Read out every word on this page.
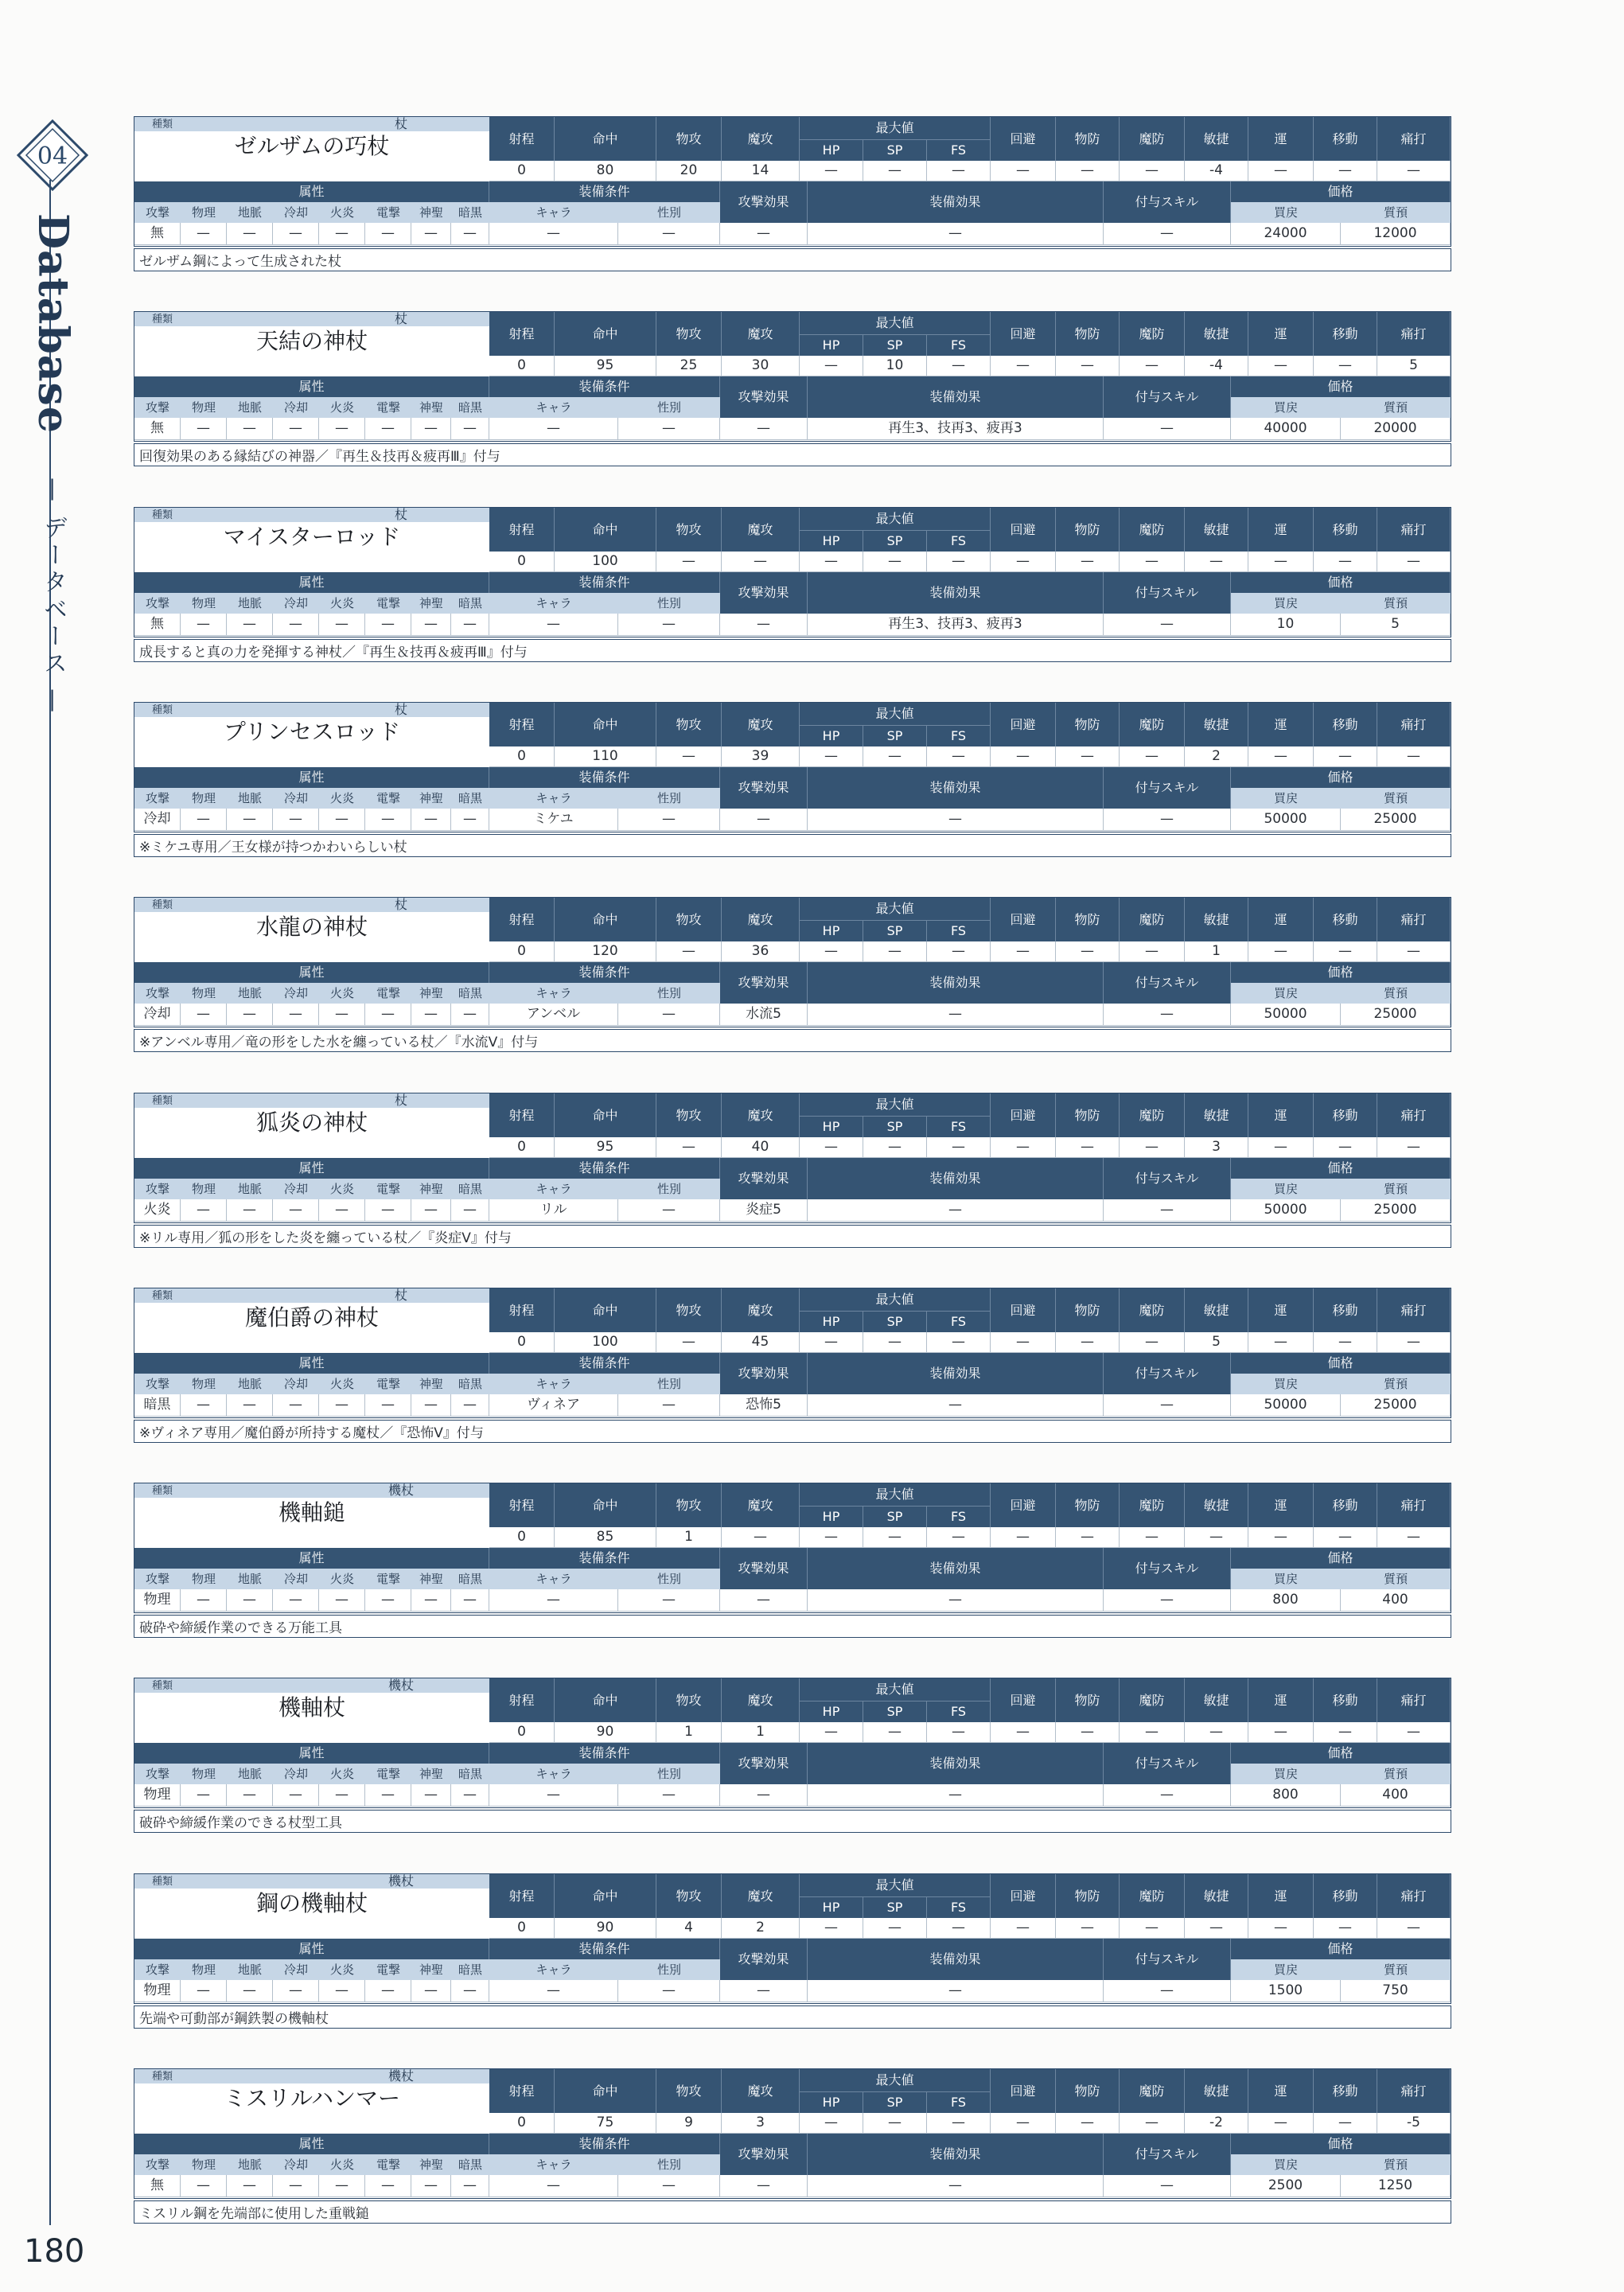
04
Database
— データベース —
種類	杖
ゼルザムの巧杖	射程	命中	物攻	魔攻
最大値
HP	SP	FS
回避	物防	魔防	敏捷	運	移動	痛打
0	80	20	14	—	—	—	—	—	—	-4	—	—	—
属性	装備条件
攻撃効果	装備効果	付与スキル
価格
攻撃	物理	地脈	冷却	火炎	電撃	神聖	暗黒	キャラ	性別	買戻	質預
無	—	—	—	—	—	—	—	—	—	—	—	—	24000	12000
ゼルザム鋼によって生成された杖
種類	杖
天結の神杖	射程	命中	物攻	魔攻
最大値
HP	SP	FS
回避	物防	魔防	敏捷	運	移動	痛打
0	95	25	30	—	10	—	—	—	—	-4	—	—	5
属性	装備条件
攻撃効果	装備効果	付与スキル
価格
攻撃	物理	地脈	冷却	火炎	電撃	神聖	暗黒	キャラ	性別	買戻	質預
無	—	—	—	—	—	—	—	—	—	—	再生3、技再3、疲再3	—	40000	20000
回復効果のある縁結びの神器／『再生＆技再＆疲再Ⅲ』付与
種類	杖
マイスターロッド	射程	命中	物攻	魔攻
最大値
HP	SP	FS
回避	物防	魔防	敏捷	運	移動	痛打
0	100	—	—	—	—	—	—	—	—	—	—	—	—
属性	装備条件
攻撃効果	装備効果	付与スキル
価格
攻撃	物理	地脈	冷却	火炎	電撃	神聖	暗黒	キャラ	性別	買戻	質預
無	—	—	—	—	—	—	—	—	—	—	再生3、技再3、疲再3	—	10	5
成長すると真の力を発揮する神杖／『再生＆技再＆疲再Ⅲ』付与
種類	杖
プリンセスロッド	射程	命中	物攻	魔攻
最大値
HP	SP	FS
回避	物防	魔防	敏捷	運	移動	痛打
0	110	—	39	—	—	—	—	—	—	2	—	—	—
属性	装備条件
攻撃効果	装備効果	付与スキル
価格
攻撃	物理	地脈	冷却	火炎	電撃	神聖	暗黒	キャラ	性別	買戻	質預
冷却	—	—	—	—	—	—	—	ミケユ	—	—	—	—	50000	25000
※ミケユ専用／王女様が持つかわいらしい杖
種類	杖
水龍の神杖	射程	命中	物攻	魔攻
最大値
HP	SP	FS
回避	物防	魔防	敏捷	運	移動	痛打
0	120	—	36	—	—	—	—	—	—	1	—	—	—
属性	装備条件
攻撃効果	装備効果	付与スキル
価格
攻撃	物理	地脈	冷却	火炎	電撃	神聖	暗黒	キャラ	性別	買戻	質預
冷却	—	—	—	—	—	—	—	アンベル	—	水流5	—	—	50000	25000
※アンベル専用／竜の形をした水を纏っている杖／『水流Ⅴ』付与
種類	杖
狐炎の神杖	射程	命中	物攻	魔攻
最大値
HP	SP	FS
回避	物防	魔防	敏捷	運	移動	痛打
0	95	—	40	—	—	—	—	—	—	3	—	—	—
属性	装備条件
攻撃効果	装備効果	付与スキル
価格
攻撃	物理	地脈	冷却	火炎	電撃	神聖	暗黒	キャラ	性別	買戻	質預
火炎	—	—	—	—	—	—	—	リル	—	炎症5	—	—	50000	25000
※リル専用／狐の形をした炎を纏っている杖／『炎症Ⅴ』付与
種類	杖
魔伯爵の神杖	射程	命中	物攻	魔攻
最大値
HP	SP	FS
回避	物防	魔防	敏捷	運	移動	痛打
0	100	—	45	—	—	—	—	—	—	5	—	—	—
属性	装備条件
攻撃効果	装備効果	付与スキル
価格
攻撃	物理	地脈	冷却	火炎	電撃	神聖	暗黒	キャラ	性別	買戻	質預
暗黒	—	—	—	—	—	—	—	ヴィネア	—	恐怖5	—	—	50000	25000
※ヴィネア専用／魔伯爵が所持する魔杖／『恐怖Ⅴ』付与
種類	機杖
機軸鎚	射程	命中	物攻	魔攻
最大値
HP	SP	FS
回避	物防	魔防	敏捷	運	移動	痛打
0	85	1	—	—	—	—	—	—	—	—	—	—	—
属性	装備条件
攻撃効果	装備効果	付与スキル
価格
攻撃	物理	地脈	冷却	火炎	電撃	神聖	暗黒	キャラ	性別	買戻	質預
物理	—	—	—	—	—	—	—	—	—	—	—	—	800	400
破砕や締緩作業のできる万能工具
種類	機杖
機軸杖	射程	命中	物攻	魔攻
最大値
HP	SP	FS
回避	物防	魔防	敏捷	運	移動	痛打
0	90	1	1	—	—	—	—	—	—	—	—	—	—
属性	装備条件
攻撃効果	装備効果	付与スキル
価格
攻撃	物理	地脈	冷却	火炎	電撃	神聖	暗黒	キャラ	性別	買戻	質預
物理	—	—	—	—	—	—	—	—	—	—	—	—	800	400
破砕や締緩作業のできる杖型工具
種類	機杖
鋼の機軸杖	射程	命中	物攻	魔攻
最大値
HP	SP	FS
回避	物防	魔防	敏捷	運	移動	痛打
0	90	4	2	—	—	—	—	—	—	—	—	—	—
属性	装備条件
攻撃効果	装備効果	付与スキル
価格
攻撃	物理	地脈	冷却	火炎	電撃	神聖	暗黒	キャラ	性別	買戻	質預
物理	—	—	—	—	—	—	—	—	—	—	—	—	1500	750
先端や可動部が鋼鉄製の機軸杖
種類	機杖
ミスリルハンマー	射程	命中	物攻	魔攻
最大値
HP	SP	FS
回避	物防	魔防	敏捷	運	移動	痛打
0	75	9	3	—	—	—	—	—	—	-2	—	—	-5
属性	装備条件
攻撃効果	装備効果	付与スキル
価格
攻撃	物理	地脈	冷却	火炎	電撃	神聖	暗黒	キャラ	性別	買戻	質預
無	—	—	—	—	—	—	—	—	—	—	—	—	2500	1250
ミスリル鋼を先端部に使用した重戦鎚
180
